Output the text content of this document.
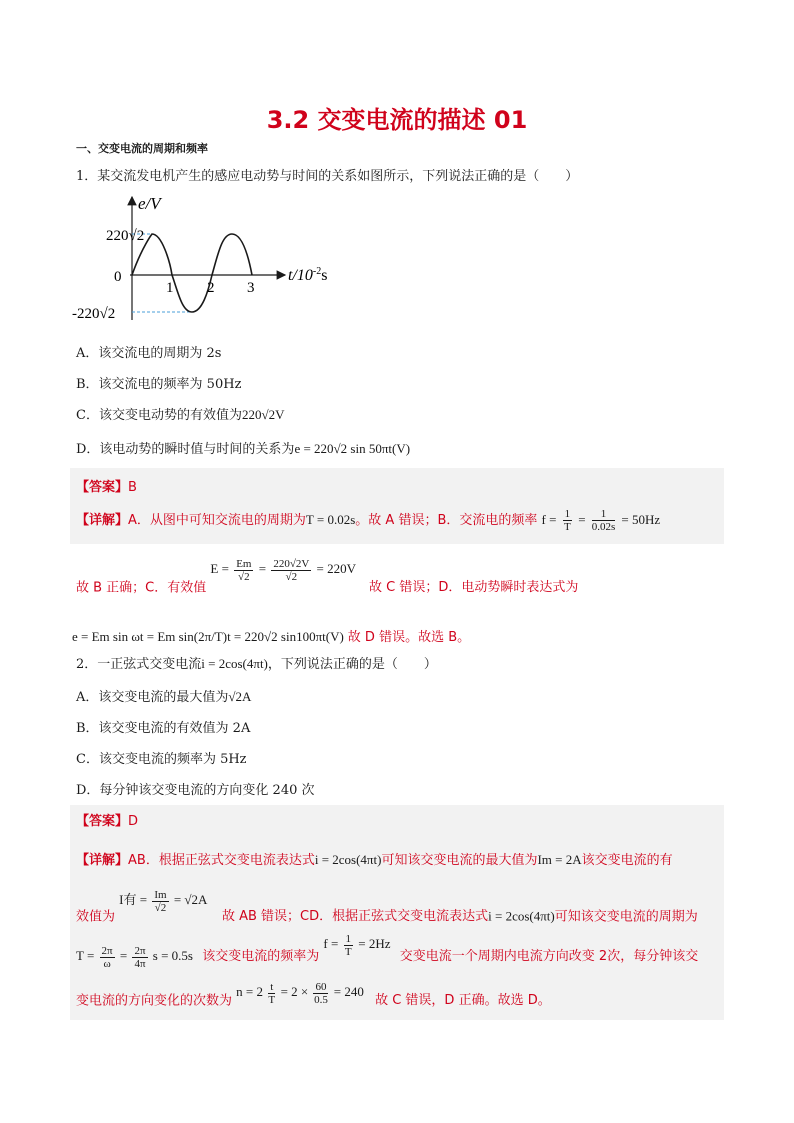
3.2 交变电流的描述 01
一、交变电流的周期和频率
1．某交流发电机产生的感应电动势与时间的关系如图所示，下列说法正确的是（　　）
e/V
220√2
0
-220√2
1 2 3
$t/10^{-2}s$
A．该交流电的周期为 2s
B．该交流电的频率为 50Hz
C．该交变电动势的有效值为220√2V
D．该电动势的瞬时值与时间的关系为e = 220√2 sin 50πt(V)
【答案】B
【详解】A．从图中可知交流电的周期为T = 0.02s。故 A 错误；B．交流电的频率 $f = \frac{1}{T} = \frac{1}{0.02s} = 50Hz$
故 B 正确；C．有效值 $E = \frac{Em}{√2} = \frac{220√2V}{√2} = 220V$ 故 C 错误；D．电动势瞬时表达式为
e = Em sin ωt = Em sin(2π/T)t = 220√2 sin100πt(V) 故 D 错误。故选 B。
2．一正弦式交变电流i = 2cos(4πt)，下列说法正确的是（　　）
A．该交变电流的最大值为√2A
B．该交变电流的有效值为 2A
C．该交变电流的频率为 5Hz
D．每分钟该交变电流的方向变化 240 次
【答案】D
【详解】AB．根据正弦式交变电流表达式i = 2cos(4πt)可知该交变电流的最大值为Im = 2A该交变电流的有
效值为 I有 = $\frac{Im}{√2} = √2A$ 故 AB 错误；CD．根据正弦式交变电流表达式i = 2cos(4πt)可知该交变电流的周期为
$T = \frac{2\pi}{\omega} = \frac{2\pi}{4\pi}$ s = 0.5s 该交变电流的频率为 $f = \frac{1}{T} = 2Hz$ 交变电流一个周期内电流方向改变 2次，每分钟该交
变电流的方向变化的次数为 $n = 2 \frac{t}{T} = 2 \times \frac{60}{0.5} = 240$ 故 C 错误，D 正确。故选 D。
